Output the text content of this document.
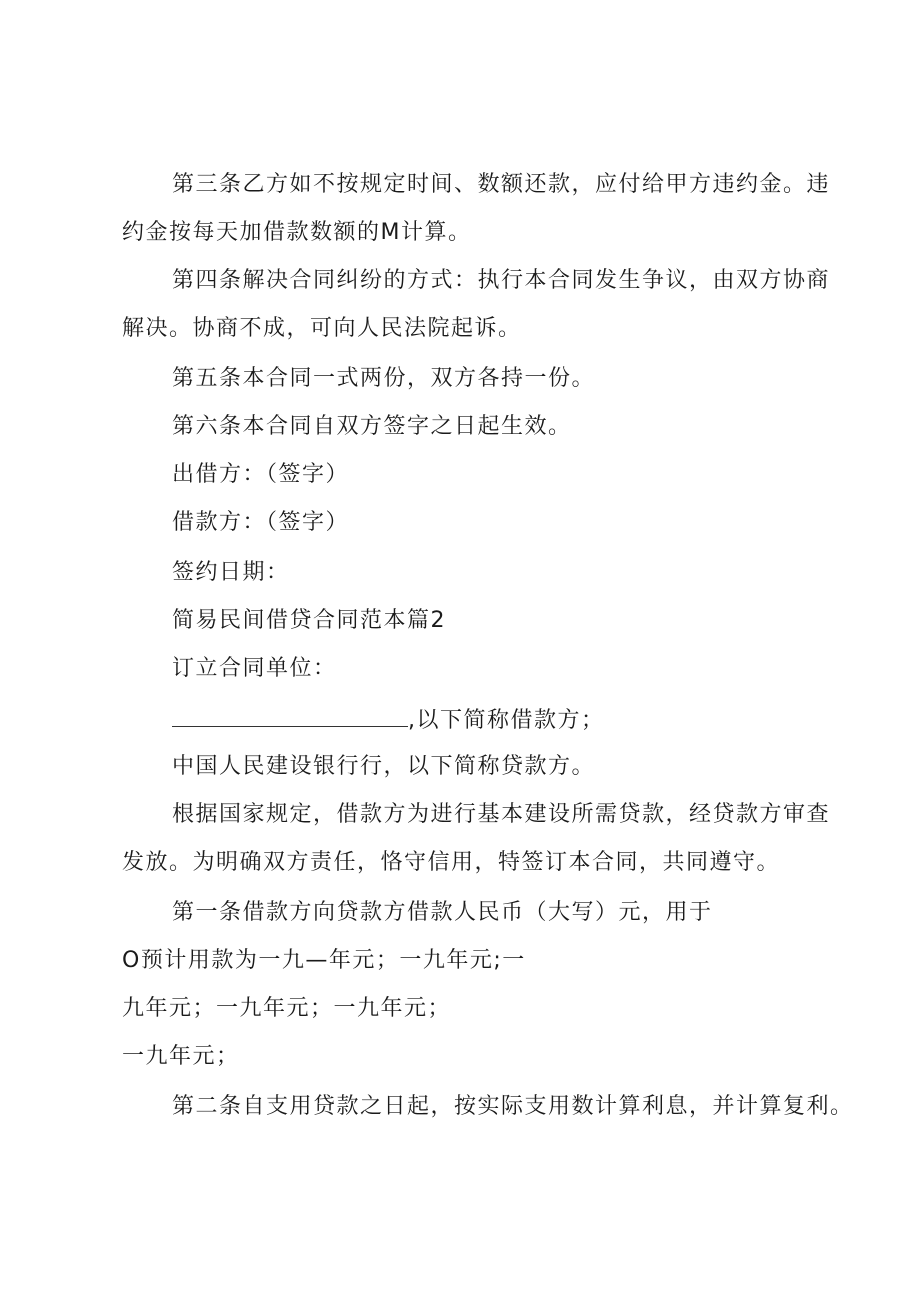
第三条乙方如不按规定时间、数额还款，应付给甲方违约金。违
约金按每天加借款数额的M计算。
第四条解决合同纠纷的方式：执行本合同发生争议，由双方协商
解决。协商不成，可向人民法院起诉。
第五条本合同一式两份，双方各持一份。
第六条本合同自双方签字之日起生效。
出借方：（签字）
借款方：（签字）
签约日期：
简易民间借贷合同范本篇2
订立合同单位：
,以下简称借款方；
中国人民建设银行行，以下简称贷款方。
根据国家规定，借款方为进行基本建设所需贷款，经贷款方审查
发放。为明确双方责任，恪守信用，特签订本合同，共同遵守。
第一条借款方向贷款方借款人民币（大写）元，用于
O预计用款为一九—年元；一九年元;一
九年元；一九年元；一九年元；
一九年元；
第二条自支用贷款之日起，按实际支用数计算利息，并计算复利。
